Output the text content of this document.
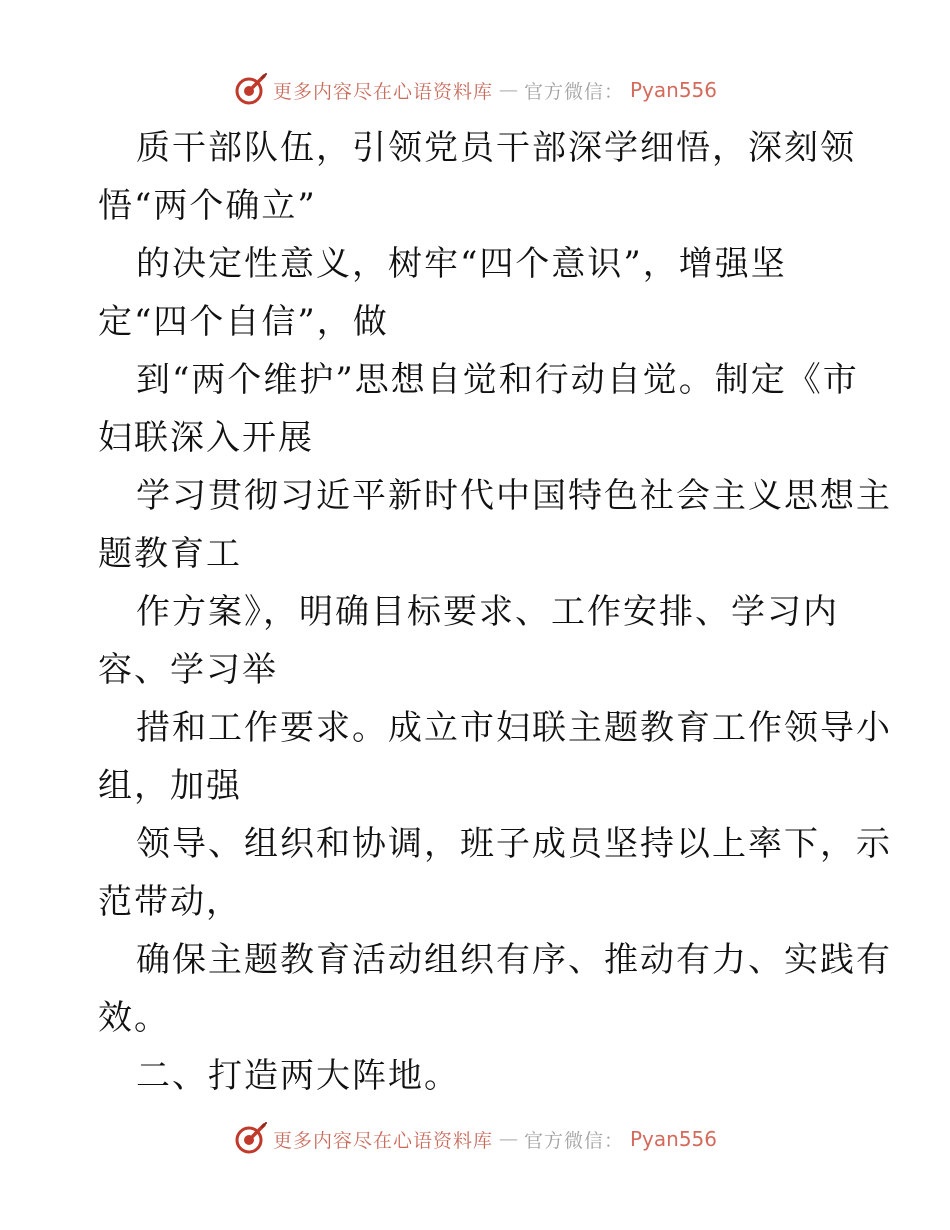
更多内容尽在心语资料库 — 官方微信： Pyan556
质干部队伍，引领党员干部深学细悟，深刻领
悟“两个确立”
的决定性意义，树牢“四个意识”，增强坚
定“四个自信”，做
到“两个维护”思想自觉和行动自觉。制定《市
妇联深入开展
学习贯彻习近平新时代中国特色社会主义思想主
题教育工
作方案》，明确目标要求、工作安排、学习内
容、学习举
措和工作要求。成立市妇联主题教育工作领导小
组，加强
领导、组织和协调，班子成员坚持以上率下，示
范带动，
确保主题教育活动组织有序、推动有力、实践有
效。
二、打造两大阵地。
更多内容尽在心语资料库 — 官方微信： Pyan556
